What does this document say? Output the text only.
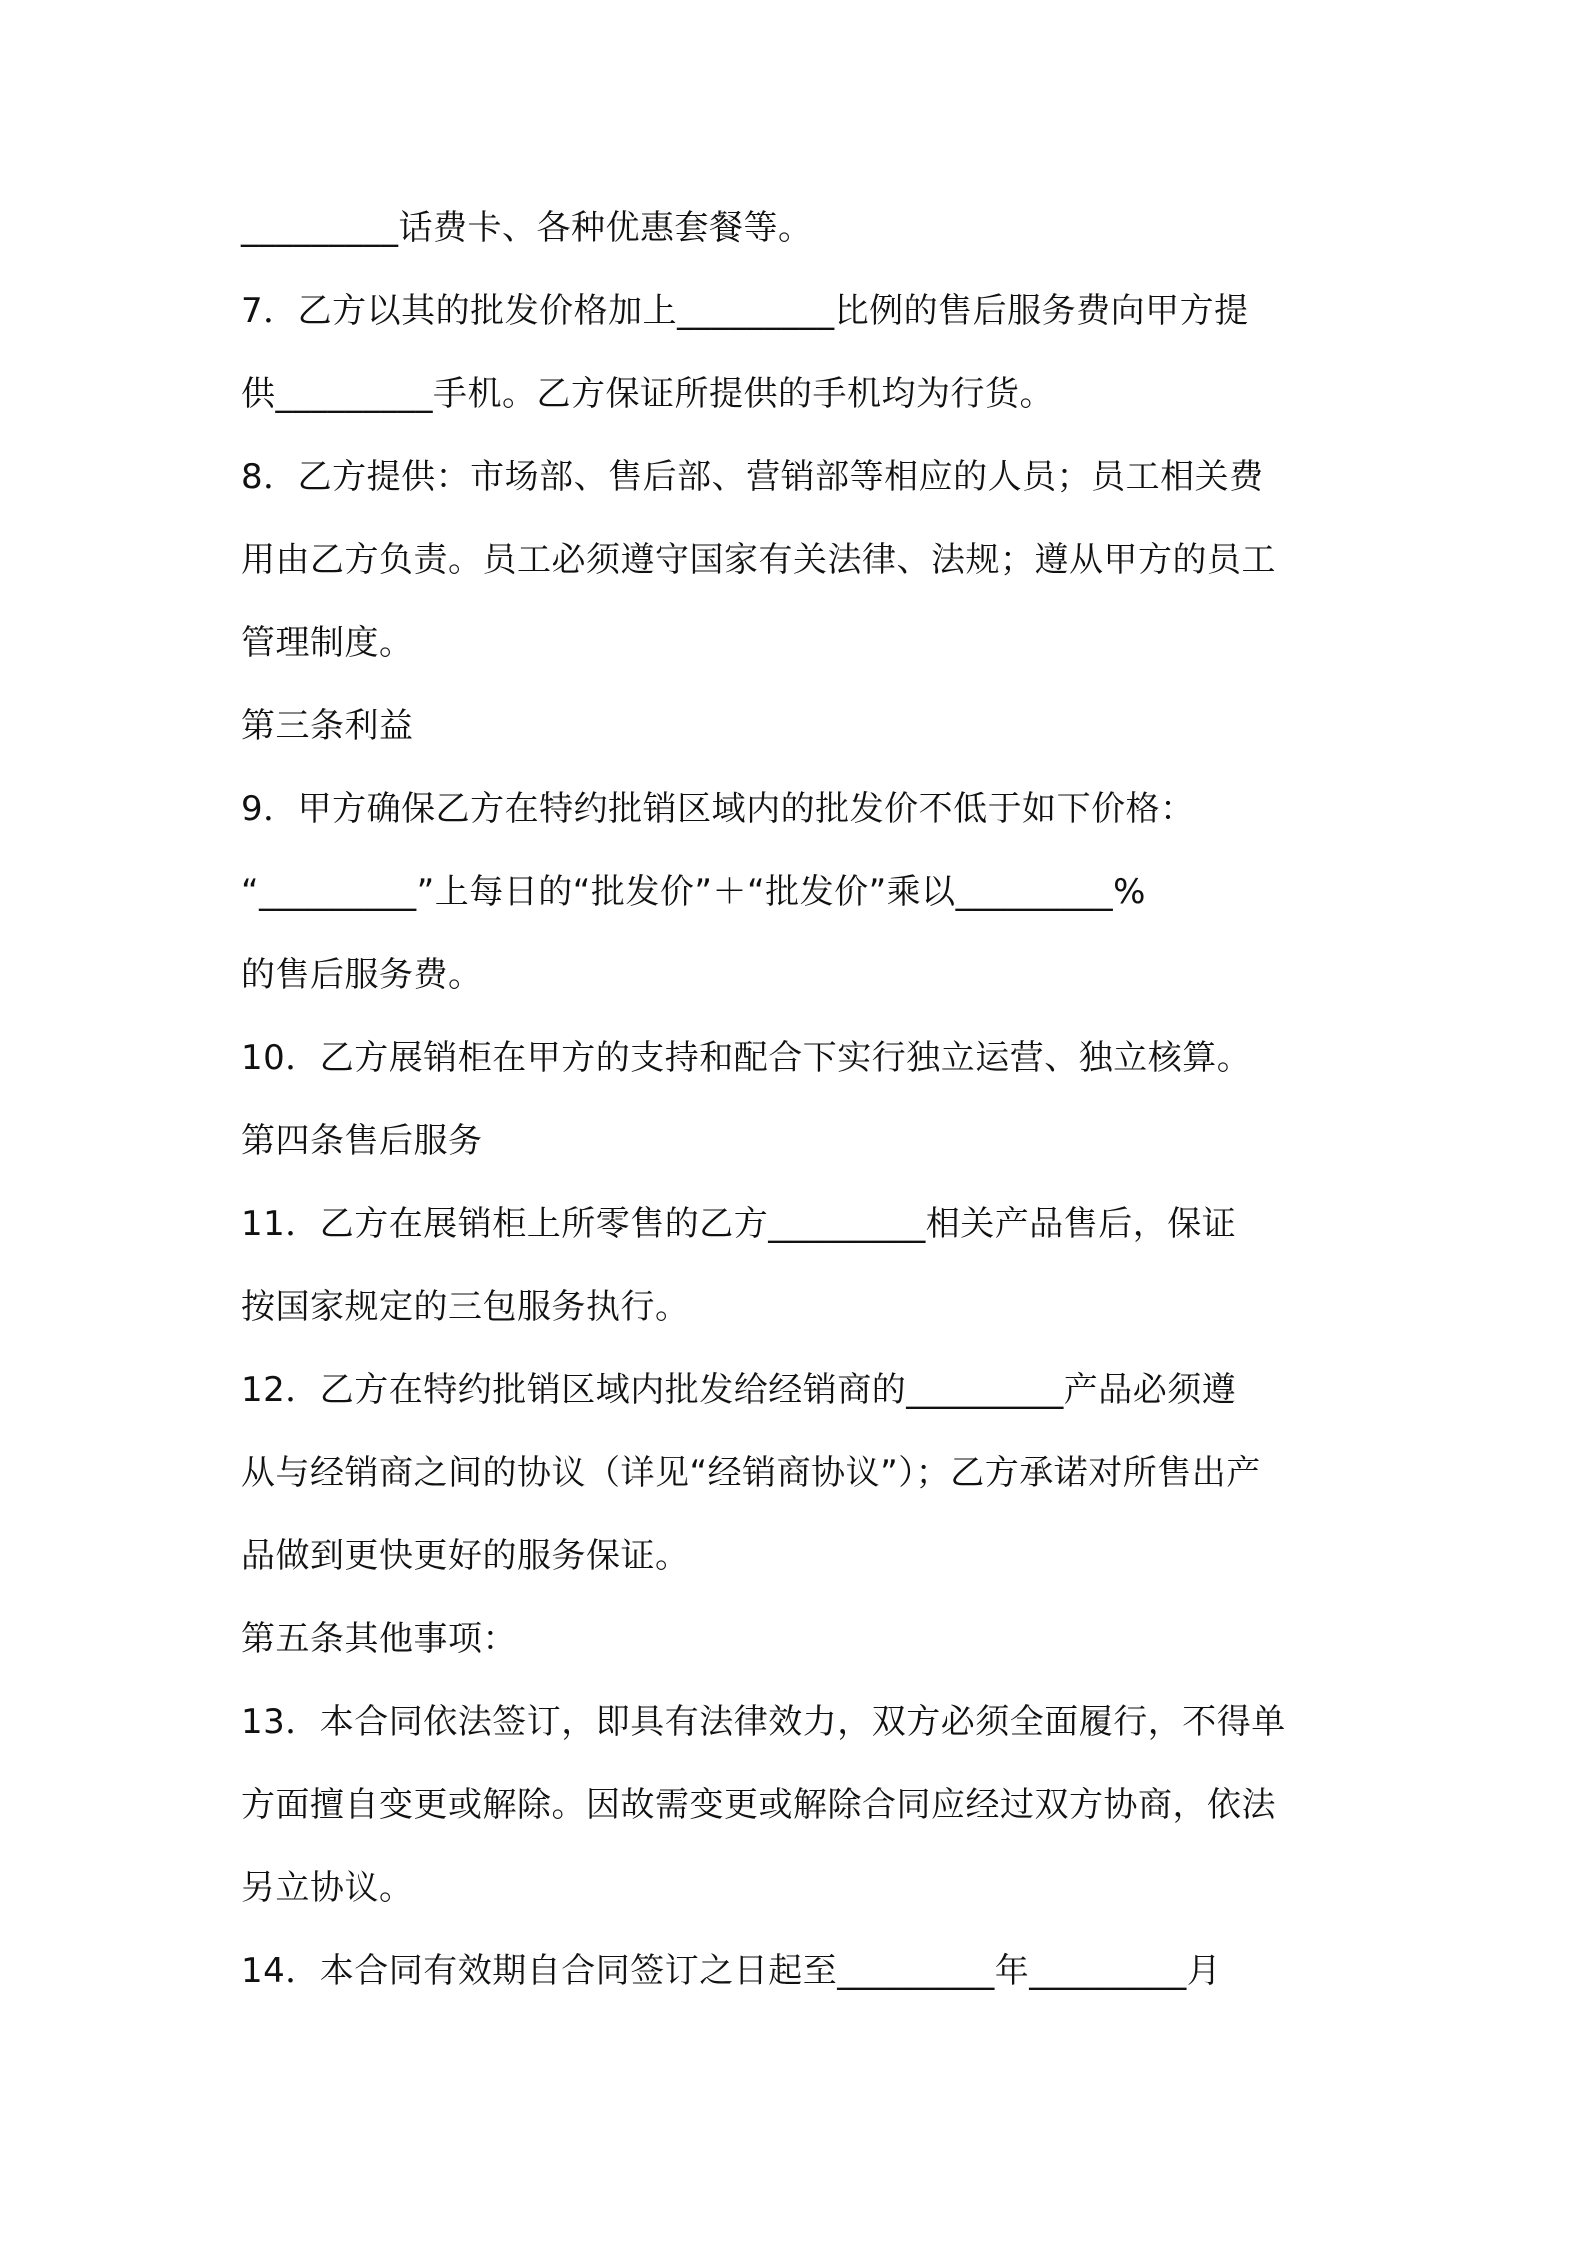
_________话费卡、各种优惠套餐等。
7．乙方以其的批发价格加上_________比例的售后服务费向甲方提
供_________手机。乙方保证所提供的手机均为行货。
8．乙方提供：市场部、售后部、营销部等相应的人员；员工相关费
用由乙方负责。员工必须遵守国家有关法律、法规；遵从甲方的员工
管理制度。
第三条利益
9．甲方确保乙方在特约批销区域内的批发价不低于如下价格：
“_________”上每日的“批发价”＋“批发价”乘以_________%
的售后服务费。
10．乙方展销柜在甲方的支持和配合下实行独立运营、独立核算。
第四条售后服务
11．乙方在展销柜上所零售的乙方_________相关产品售后，保证
按国家规定的三包服务执行。
12．乙方在特约批销区域内批发给经销商的_________产品必须遵
从与经销商之间的协议（详见“经销商协议”）；乙方承诺对所售出产
品做到更快更好的服务保证。
第五条其他事项：
13．本合同依法签订，即具有法律效力，双方必须全面履行，不得单
方面擅自变更或解除。因故需变更或解除合同应经过双方协商，依法
另立协议。
14．本合同有效期自合同签订之日起至_________年_________月
